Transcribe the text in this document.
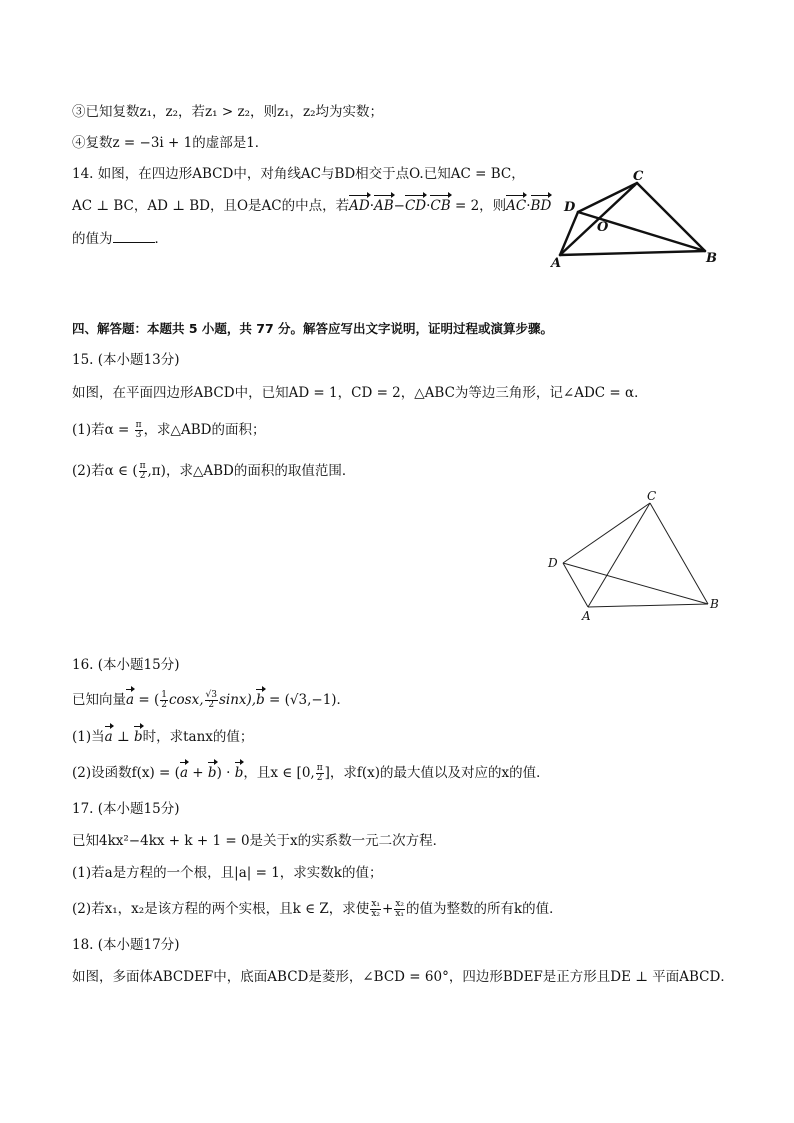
③已知复数z₁，z₂，若z₁ > z₂，则z₁，z₂均为实数；
④复数z = −3i + 1的虚部是1．
14. 如图，在四边形ABCD中，对角线AC与BD相交于点O.已知AC = BC，
AC ⊥ BC，AD ⊥ BD，且O是AC的中点，若AD·AB−CD·CB = 2，则AC·BD
的值为	．
C
D
O
A	B
四、解答题：本题共 5 小题，共 77 分。解答应写出文字说明，证明过程或演算步骤。
15. (本小题13分)
如图，在平面四边形ABCD中，已知AD = 1，CD = 2，△ABC为等边三角形，记∠ADC = α．
(1)若$\alpha = \frac{\pi}{3}$ ，求△ABD的面积；
(2)若α ∈ ( $\frac{\pi}{2} ,\pi$)，求△ABD的面积的取值范围．
C
D
A
B
16. (本小题15分)
已知向量a = ( $\frac{1}{2} \cos x$, $\frac{√3}{2} \sin x),b = (√3,-1)$．
(1)当a ⊥ b时，求tanx的值；
(2)设函数f(x) = (a + b) · b，且x ∈ [0, $\frac{\pi}{2}$ ]，求f(x)的最大值以及对应的x的值．
17. (本小题15分)
已知4kx²−4kx + k + 1 = 0是关于x的实系数一元二次方程．
(1)若a是方程的一个根，且|a| = 1，求实数k的值；
(2)若x₁，x₂是该方程的两个实根，且k ∈ Z，求使 $\frac{\text{x₁}}{\text{x₂}} + \frac{\text{x₂}}{\text{x₁}}$ 的值为整数的所有k的值．
18. (本小题17分)
如图，多面体ABCDEF中，底面ABCD是菱形，∠BCD = 60°，四边形BDEF是正方形且DE ⊥ 平面ABCD．
